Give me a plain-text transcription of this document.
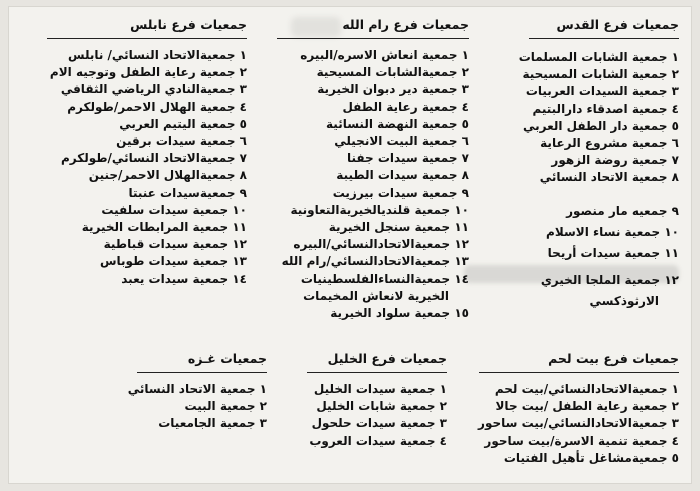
جمعيات فرع القدس
١ جمعية الشابات المسلمات
٢ جمعية الشابات المسيحية
٣ جمعية السيدات العربيات
٤ جمعية اصدقاء دارالبتيم
٥ جمعية دار الطفل العربي
٦ جمعية مشروع الرعاية
٧ جمعية روضة الزهور
٨ جمعية الاتحاد النسائي
٩ جمعيه مار منصور
١٠ جمعية نساء الاسلام
١١ جمعية سيدات أريحا
١٢ جمعية الملجا الخيري
الارثوذكسي
جمعيات فرع رام الله
١ جمعية انعاش الاسره/البيره
٢ جمعيةالشابات المسيحية
٣ جمعية دير دبوان الخيرية
٤ جمعية رعاية الطفل
٥ جمعية النهضة النسائية
٦ جمعية البيت الانجيلي
٧ جمعية سيدات جفنا
٨ جمعية سيدات الطيبة
٩ جمعية سيدات بيرزيت
١٠ جمعية قلنديالخيريةالتعاونية
١١ جمعية سنجل الخيرية
١٢ جمعيةالاتحادالنسائي/البيره
١٣ جمعيةالاتحادالنسائي/رام الله
١٤ جمعيةالنساءالفلسطينيات
الخيرية لانعاش المخيمات
١٥ جمعية سلواد الخيرية
جمعيات فرع نابلس
١ جمعيةالاتحاد النسائي/ نابلس
٢ جمعية رعاية الطفل وتوجيه الام
٣ جمعيةالنادي الرياضي الثقافي
٤ جمعية الهلال الاحمر/طولكرم
٥ جمعية اليتيم العربي
٦ جمعية سيدات برقين
٧ جمعيةالاتحاد النسائي/طولكرم
٨ جمعيةالهلال الاحمر/جنين
٩ جمعيةسيدات عنبتا
١٠ جمعية سيدات سلفيت
١١ جمعية المرابطات الخيرية
١٢ جمعية سيدات قباطية
١٣ جمعية سيدات طوباس
١٤ جمعية سيدات يعبد
جمعيات فرع بيت لحم
١ جمعيةالاتحادالنسائي/بيت لحم
٢ جمعية رعاية الطفل /بيت جالا
٣ جمعيةالاتحادالنسائي/بيت ساحور
٤ جمعية تنمية الاسرة/بيت ساحور
٥ جمعيةمشاغل تأهيل الفتيات
جمعيات فرع الخليل
١ جمعية سيدات الخليل
٢ جمعية شابات الخليل
٣ جمعية سيدات حلحول
٤ جمعية سيدات العروب
جمعيات غـزه
١ جمعية الاتحاد النسائي
٢ جمعية البيت
٣ جمعية الجامعيات
